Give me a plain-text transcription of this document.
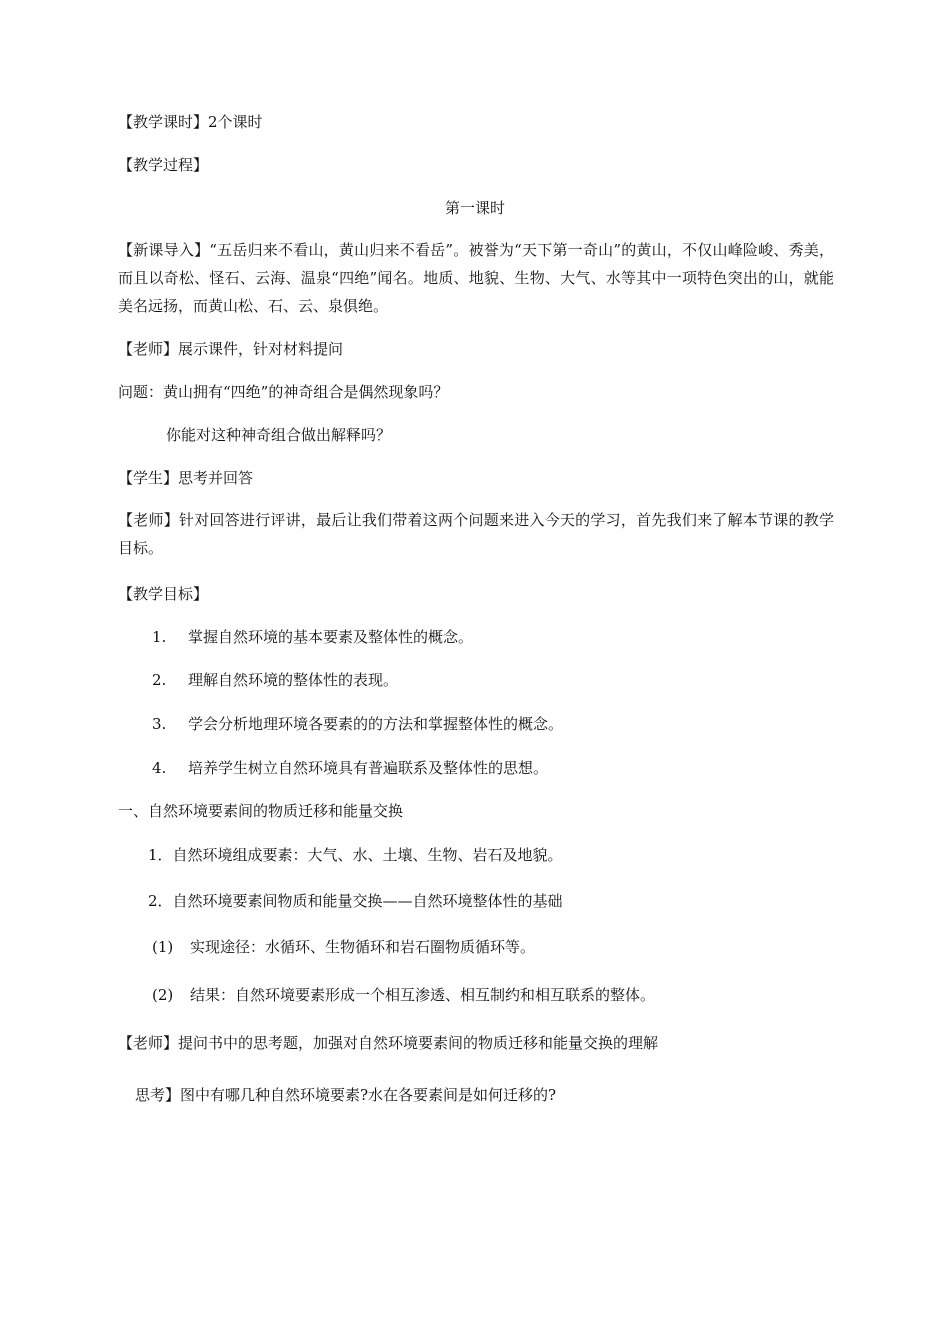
【教学课时】2个课时
【教学过程】
第一课时
【新课导入】“五岳归来不看山，黄山归来不看岳”。被誉为“天下第一奇山”的黄山，不仅山峰险峻、秀美，而且以奇松、怪石、云海、温泉“四绝”闻名。地质、地貌、生物、大气、水等其中一项特色突出的山，就能美名远扬，而黄山松、石、云、泉俱绝。
【老师】展示课件，针对材料提问
问题：黄山拥有“四绝”的神奇组合是偶然现象吗？
你能对这种神奇组合做出解释吗？
【学生】思考并回答
【老师】针对回答进行评讲，最后让我们带着这两个问题来进入今天的学习，首先我们来了解本节课的教学目标。
【教学目标】
1. 掌握自然环境的基本要素及整体性的概念。
2. 理解自然环境的整体性的表现。
3. 学会分析地理环境各要素的的方法和掌握整体性的概念。
4. 培养学生树立自然环境具有普遍联系及整体性的思想。
一、自然环境要素间的物质迁移和能量交换
1．自然环境组成要素：大气、水、土壤、生物、岩石及地貌。
2．自然环境要素间物质和能量交换——自然环境整体性的基础
(1) 实现途径：水循环、生物循环和岩石圈物质循环等。
(2) 结果：自然环境要素形成一个相互渗透、相互制约和相互联系的整体。
【老师】提问书中的思考题，加强对自然环境要素间的物质迁移和能量交换的理解
思考】图中有哪几种自然环境要素?水在各要素间是如何迁移的?
